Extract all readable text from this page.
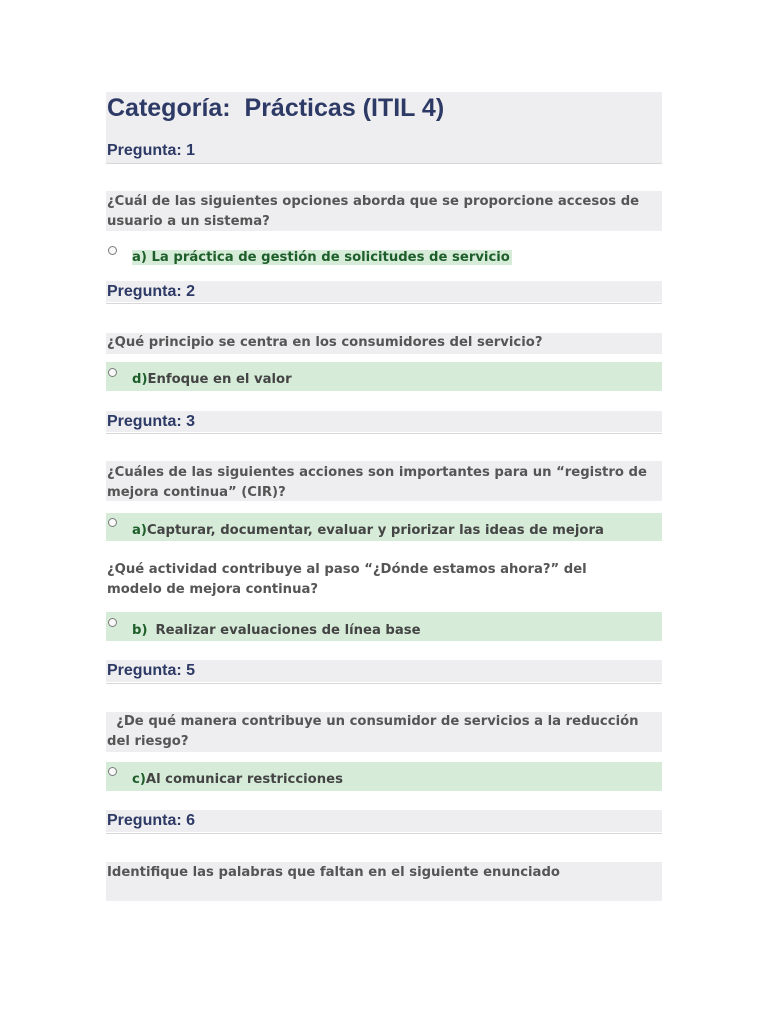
Categoría:  Prácticas (ITIL 4)
Pregunta: 1

¿Cuál de las siguientes opciones aborda que se proporcione accesos de usuario a un sistema?

a) La práctica de gestión de solicitudes de servicio
Pregunta: 2

¿Qué principio se centra en los consumidores del servicio?

d)Enfoque en el valor
Pregunta: 3

¿Cuáles de las siguientes acciones son importantes para un “registro de mejora continua” (CIR)?

a)Capturar, documentar, evaluar y priorizar las ideas de mejora

¿Qué actividad contribuye al paso “¿Dónde estamos ahora?” del modelo de mejora continua?

b) Realizar evaluaciones de línea base
Pregunta: 5

¿De qué manera contribuye un consumidor de servicios a la reducción del riesgo?

c)Al comunicar restricciones
Pregunta: 6

Identifique las palabras que faltan en el siguiente enunciado
